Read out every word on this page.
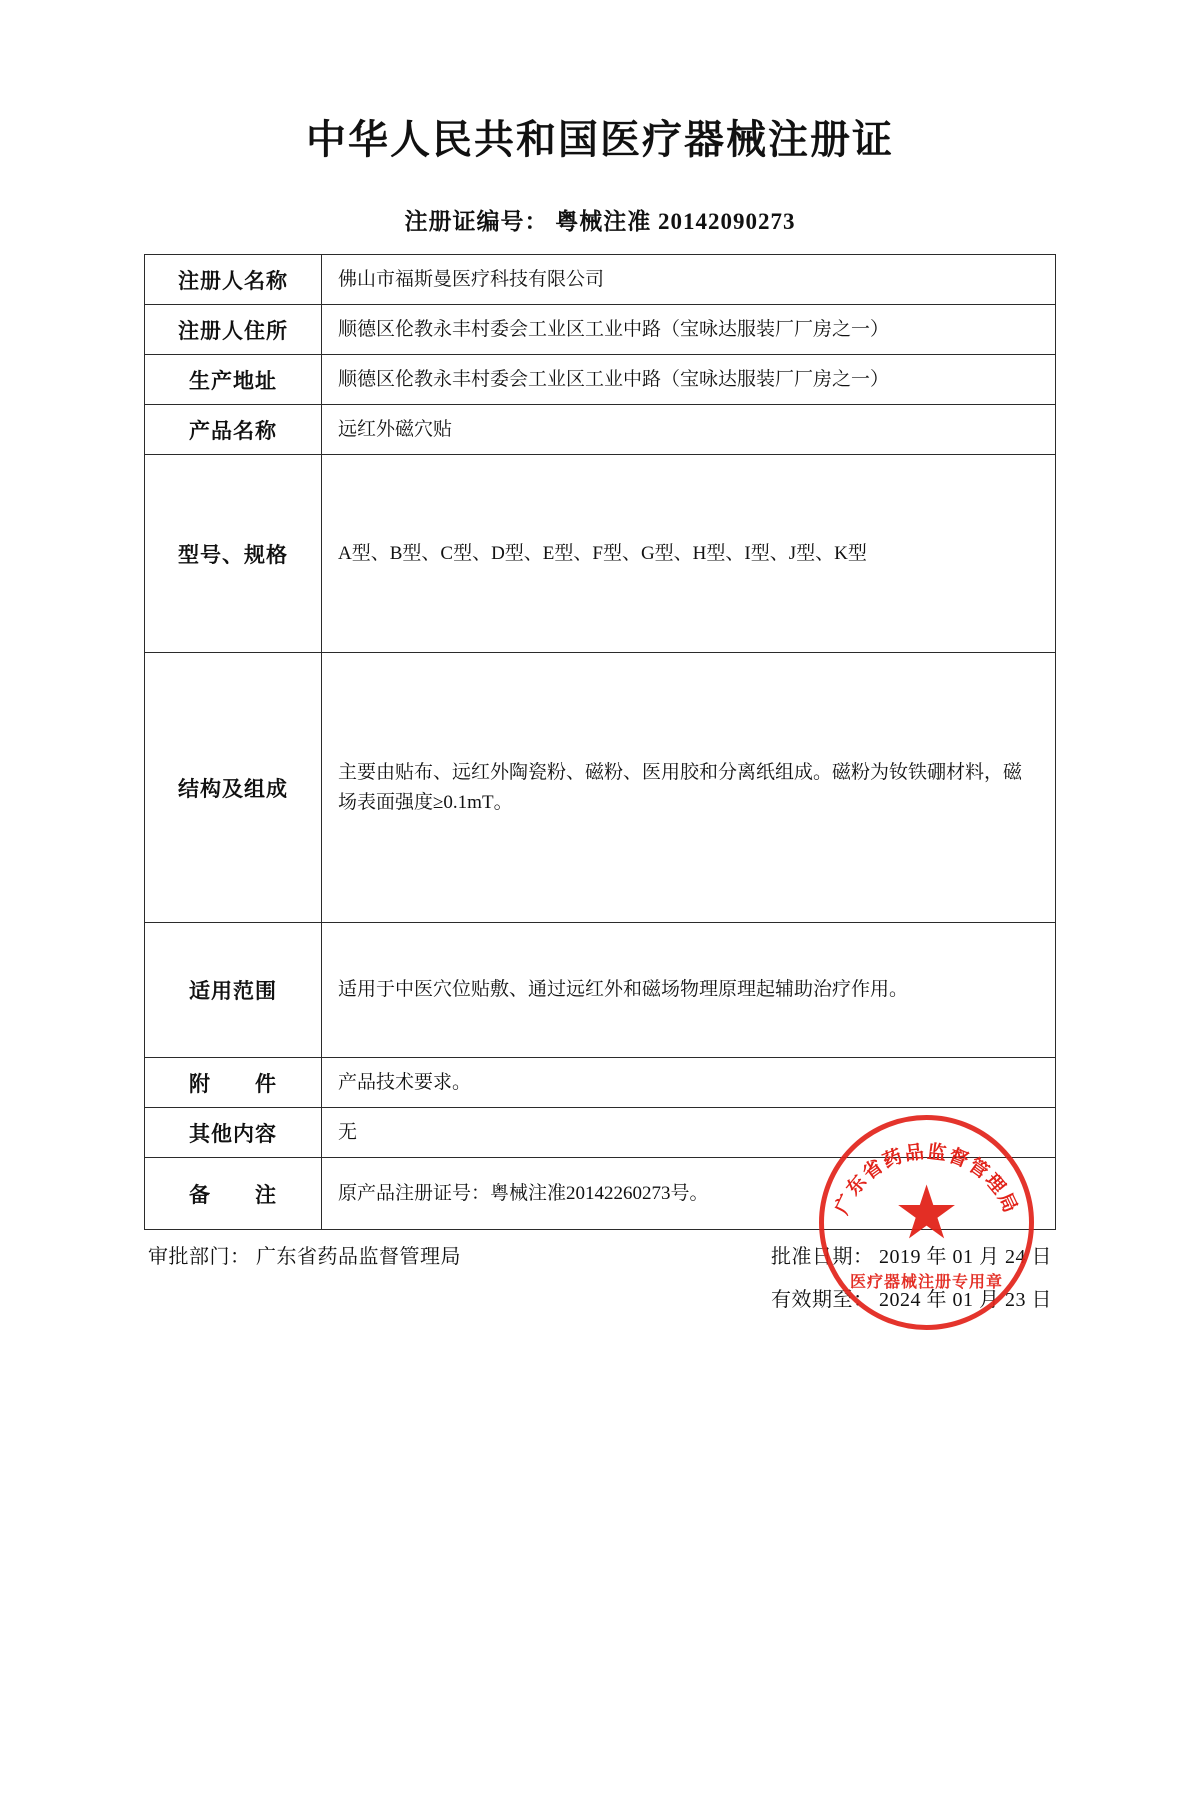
中华人民共和国医疗器械注册证
注册证编号： 粤械注准 20142090273
注册人名称	佛山市福斯曼医疗科技有限公司
注册人住所	顺德区伦教永丰村委会工业区工业中路（宝咏达服装厂厂房之一）
生产地址	顺德区伦教永丰村委会工业区工业中路（宝咏达服装厂厂房之一）
产品名称	远红外磁穴贴
型号、规格	A型、B型、C型、D型、E型、F型、G型、H型、I型、J型、K型
结构及组成	主要由贴布、远红外陶瓷粉、磁粉、医用胶和分离纸组成。磁粉为钕铁硼材料，磁场表面强度≥0.1mT。
适用范围	适用于中医穴位贴敷、通过远红外和磁场物理原理起辅助治疗作用。
附　　件	产品技术要求。
其他内容	无
备　　注	原产品注册证号：粤械注准20142260273号。
审批部门： 广东省药品监督管理局	批准日期： 2019 年 01 月 24 日
有效期至： 2024 年 01 月 23 日
广东省药品监督管理局
★
医疗器械注册专用章
